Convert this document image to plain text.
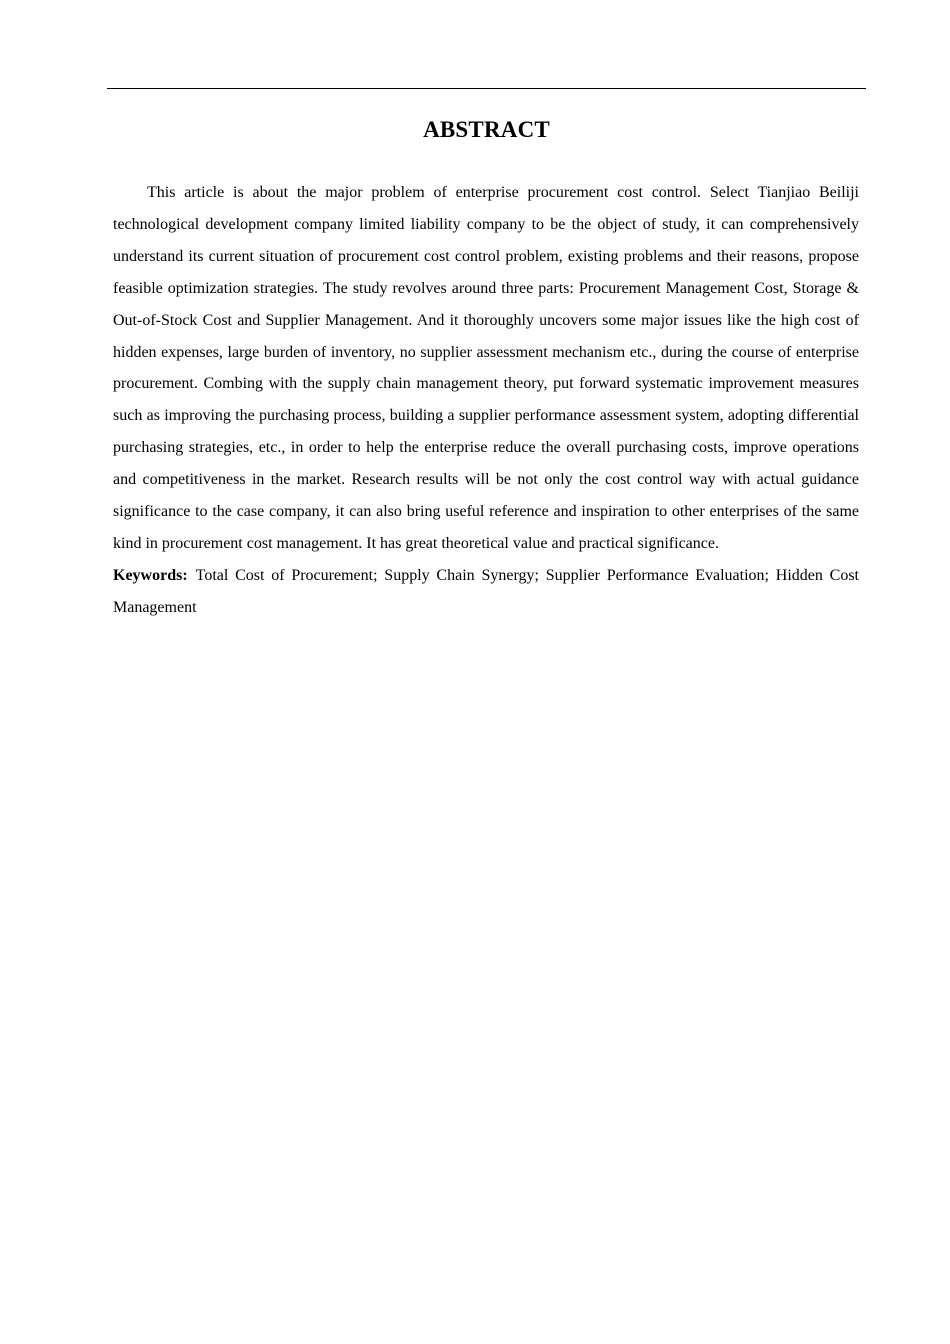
ABSTRACT

This article is about the major problem of enterprise procurement cost control. Select Tianjiao Beiliji technological development company limited liability company to be the object of study, it can comprehensively understand its current situation of procurement cost control problem, existing problems and their reasons, propose feasible optimization strategies. The study revolves around three parts: Procurement Management Cost, Storage & Out-of-Stock Cost and Supplier Management. And it thoroughly uncovers some major issues like the high cost of hidden expenses, large burden of inventory, no supplier assessment mechanism etc., during the course of enterprise procurement. Combing with the supply chain management theory, put forward systematic improvement measures such as improving the purchasing process, building a supplier performance assessment system, adopting differential purchasing strategies, etc., in order to help the enterprise reduce the overall purchasing costs, improve operations and competitiveness in the market. Research results will be not only the cost control way with actual guidance significance to the case company, it can also bring useful reference and inspiration to other enterprises of the same kind in procurement cost management. It has great theoretical value and practical significance.

Keywords: Total Cost of Procurement; Supply Chain Synergy; Supplier Performance Evaluation; Hidden Cost Management
